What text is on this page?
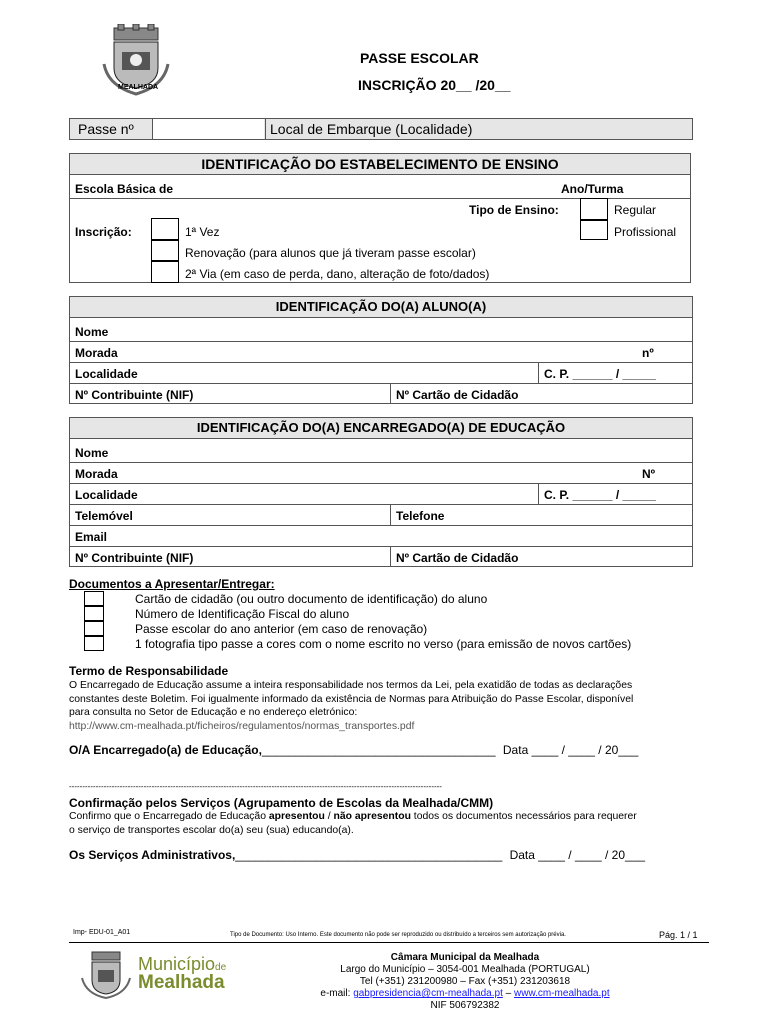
MEALHADA
PASSE ESCOLAR
INSCRIÇÃO 20__ /20__
Passe nº	Local de Embarque (Localidade)
IDENTIFICAÇÃO DO ESTABELECIMENTO DE ENSINO
Escola Básica de	Ano/Turma
Tipo de Ensino:	Regular
Profissional
Inscrição:	1ª Vez
Renovação (para alunos que já tiveram passe escolar)
2ª Via (em caso de perda, dano, alteração de foto/dados)
IDENTIFICAÇÃO DO(A) ALUNO(A)
Nome
Morada	nº
Localidade	C. P. ______ / _____
Nº Contribuinte (NIF)	Nº Cartão de Cidadão
IDENTIFICAÇÃO DO(A) ENCARREGADO(A) DE EDUCAÇÃO
Nome
Morada	Nº
Localidade	C. P. ______ / _____
Telemóvel	Telefone
Email
Nº Contribuinte (NIF)	Nº Cartão de Cidadão
Documentos a Apresentar/Entregar:
Cartão de cidadão (ou outro documento de identificação) do aluno
Número de Identificação Fiscal do aluno
Passe escolar do ano anterior (em caso de renovação)
1 fotografia tipo passe a cores com o nome escrito no verso (para emissão de novos cartões)
Termo de Responsabilidade
O Encarregado de Educação assume a inteira responsabilidade nos termos da Lei, pela exatidão de todas as declarações
constantes deste Boletim. Foi igualmente informado da existência de Normas para Atribuição do Passe Escolar, disponível
para consulta no Setor de Educação e no endereço eletrónico:
http://www.cm-mealhada.pt/ficheiros/regulamentos/normas_transportes.pdf
O/A Encarregado(a) de Educação,___________________________________ Data ____ / ____ / 20___
--------------------------------------------------------------------------------------------------------------------------------------------
Confirmação pelos Serviços (Agrupamento de Escolas da Mealhada/CMM)
Confirmo que o Encarregado de Educação apresentou / não apresentou todos os documentos necessários para requerer
o serviço de transportes escolar do(a) seu (sua) educando(a).
Os Serviços Administrativos,________________________________________ Data ____ / ____ / 20___
Imp- EDU-01_A01	Tipo de Documento: Uso Interno. Este documento não pode ser reproduzido ou distribuído a terceiros sem autorização prévia.	Pág. 1 / 1
Municípiode
Mealhada
Câmara Municipal da Mealhada
Largo do Município – 3054-001 Mealhada (PORTUGAL)
Tel (+351) 231200980 – Fax (+351) 231203618
e-mail: gabpresidencia@cm-mealhada.pt – www.cm-mealhada.pt
NIF 506792382
